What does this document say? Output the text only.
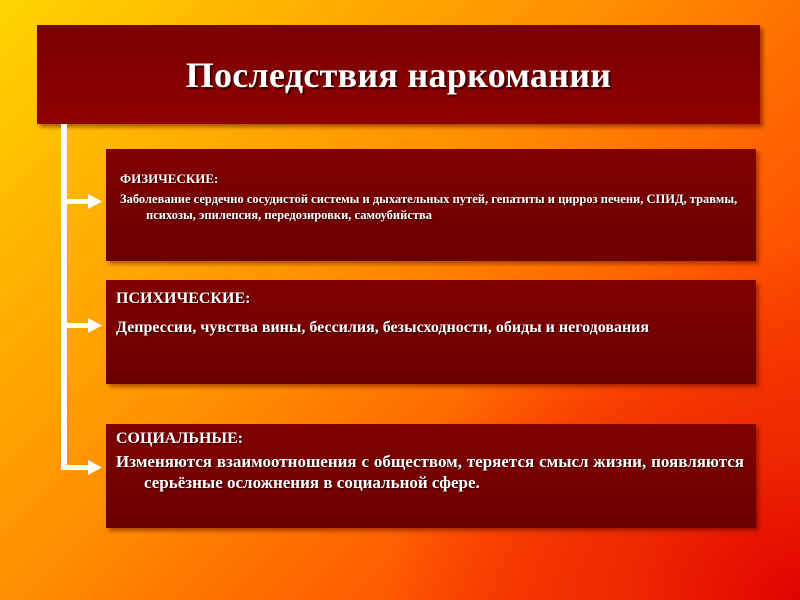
Последствия наркомании

ФИЗИЧЕСКИЕ:

Заболевание сердечно сосудистой системы и дыхательных путей, гепатиты и цирроз печени, СПИД, травмы, психозы, эпилепсия, передозировки, самоубийства

ПСИХИЧЕСКИЕ:

Депрессии, чувства вины, бессилия, безысходности, обиды и негодования

СОЦИАЛЬНЫЕ:

Изменяются взаимоотношения с обществом, теряется смысл жизни, появляются серьёзные осложнения в социальной сфере.
